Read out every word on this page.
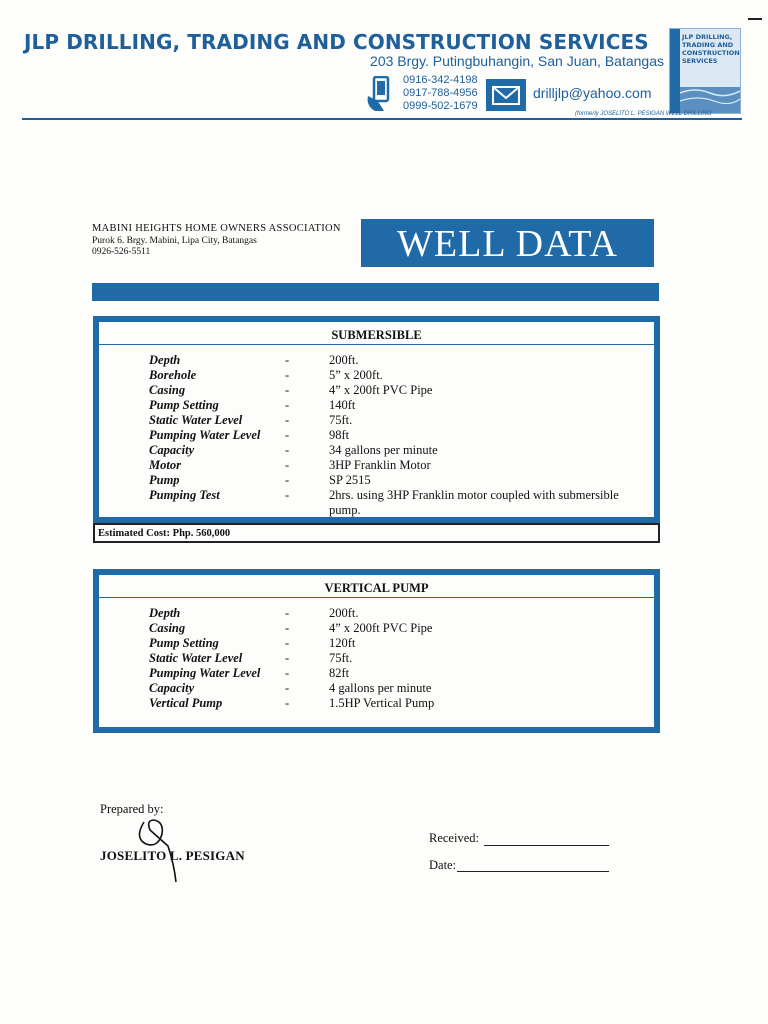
JLP DRILLING, TRADING AND CONSTRUCTION SERVICES
203 Brgy. Putingbuhangin, San Juan, Batangas
0916-342-4198
0917-788-4956
0999-502-1679
drilljlp@yahoo.com
JLP DRILLING, TRADING AND CONSTRUCTION SERVICES
(formerly JOSELITO L. PESIGAN WELL DRILLING
MABINI HEIGHTS HOME OWNERS ASSOCIATION
Purok 6. Brgy. Mabini, Lipa City, Batangas
0926-526-5511	WELL DATA
SUBMERSIBLE
Depth	-	200ft.
Borehole	-	5” x 200ft.
Casing	-	4” x 200ft PVC Pipe
Pump Setting	-	140ft
Static Water Level	-	75ft.
Pumping Water Level -	98ft
Capacity	-	34 gallons per minute
Motor	-	3HP Franklin Motor
Pump	-	SP 2515
Pumping Test	-	2hrs. using 3HP Franklin motor coupled with submersible pump.
Estimated Cost: Php. 560,000
VERTICAL PUMP
Depth	-	200ft.
Casing	-	4” x 200ft PVC Pipe
Pump Setting	-	120ft
Static Water Level	-	75ft.
Pumping Water Level -	82ft
Capacity	-	4 gallons per minute
Vertical Pump	-	1.5HP Vertical Pump
Prepared by:
JOSELITO L. PESIGAN
Received:
Date:
